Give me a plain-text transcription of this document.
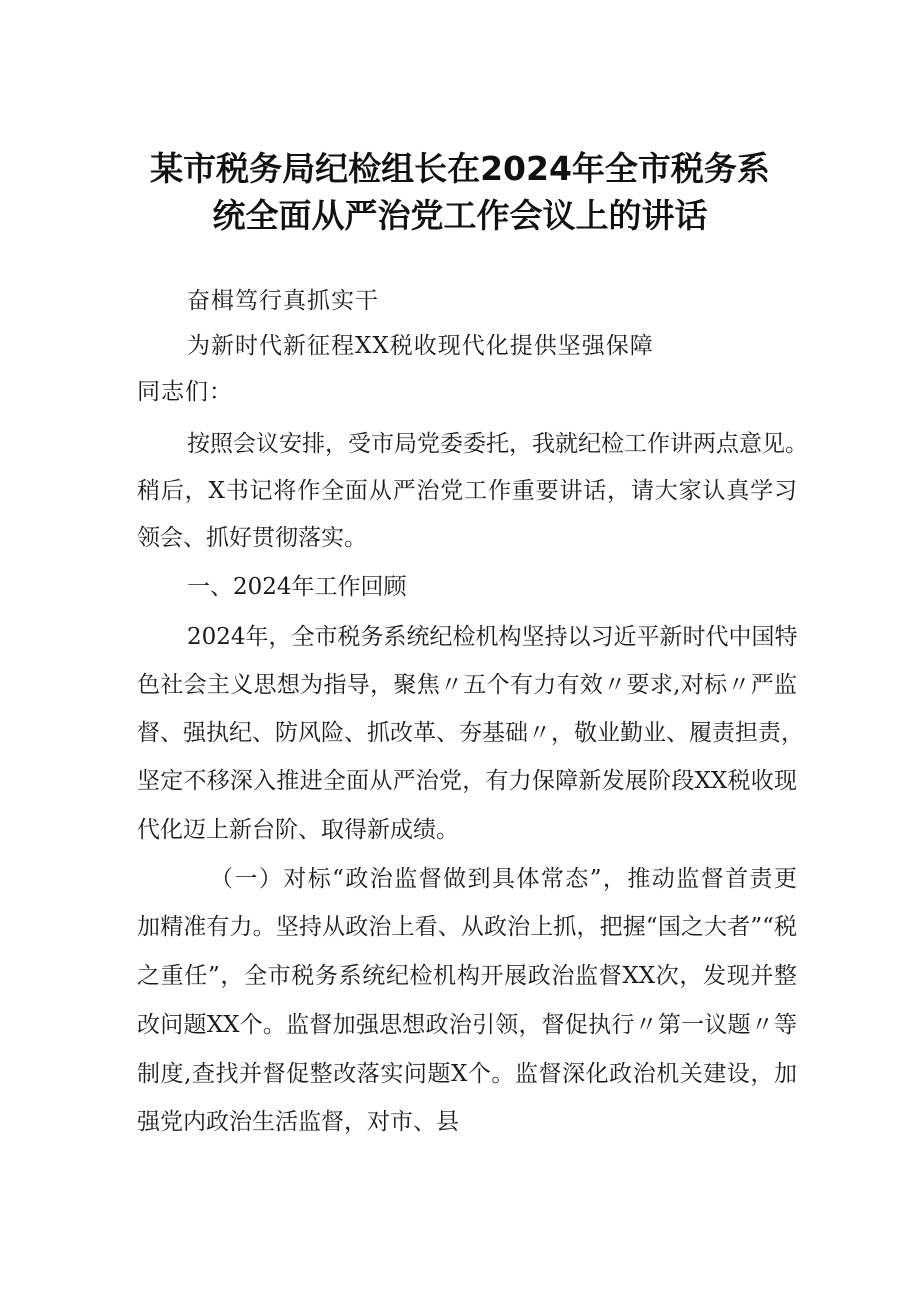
某市税务局纪检组长在2024年全市税务系
统全面从严治党工作会议上的讲话
奋楫笃行真抓实干
为新时代新征程XX税收现代化提供坚强保障
同志们：
按照会议安排，受市局党委委托，我就纪检工作讲两点意见。
稍后，X书记将作全面从严治党工作重要讲话，请大家认真学习
领会、抓好贯彻落实。
一、2024年工作回顾
2024年，全市税务系统纪检机构坚持以习近平新时代中国特
色社会主义思想为指导，聚焦〃五个有力有效〃要求,对标〃严监
督、强执纪、防风险、抓改革、夯基础〃，敬业勤业、履责担责，
坚定不移深入推进全面从严治党，有力保障新发展阶段XX税收现
代化迈上新台阶、取得新成绩。
（一）对标“政治监督做到具体常态”，推动监督首责更
加精准有力。坚持从政治上看、从政治上抓，把握“国之大者”“税
之重任”，全市税务系统纪检机构开展政治监督XX次，发现并整
改问题XX个。监督加强思想政治引领，督促执行〃第一议题〃等
制度,查找并督促整改落实问题X个。监督深化政治机关建设，加
强党内政治生活监督，对市、县
